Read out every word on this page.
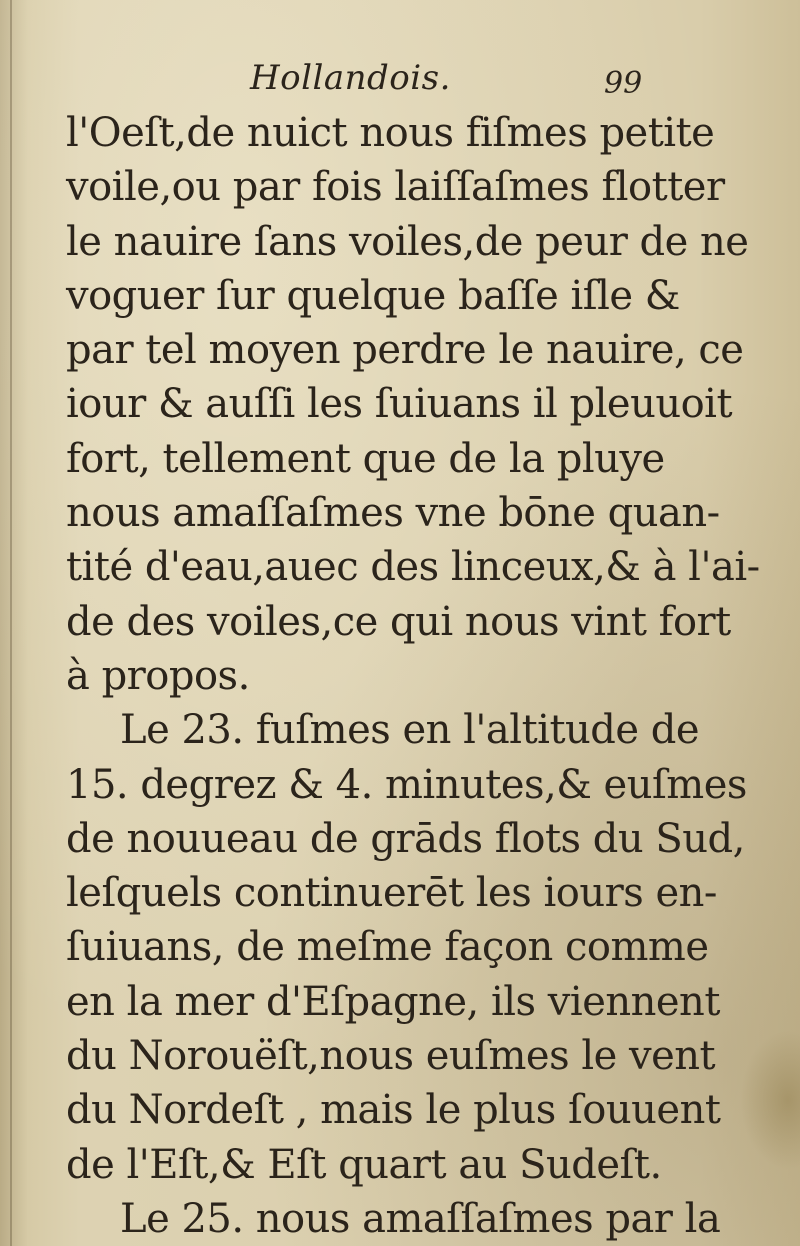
Hollandois.	99
l'Oeſt,de nuict nous fiſmes petite
voile,ou par fois laiſſaſmes flotter
le nauire ſans voiles,de peur de ne
voguer ſur quelque baſſe iſle &
par tel moyen perdre le nauire, ce
iour & auſſi les ſuiuans il pleuuoit
fort, tellement que de la pluye
nous amaſſaſmes vne bōne quan-
tité d'eau,auec des linceux,& à l'ai-
de des voiles,ce qui nous vint fort
à propos.
Le 23. fuſmes en l'altitude de
15. degrez & 4. minutes,& euſmes
de nouueau de grāds flots du Sud,
leſquels continuerēt les iours en-
ſuiuans, de meſme façon comme
en la mer d'Eſpagne, ils viennent
du Norouëſt,nous euſmes le vent
du Nordeſt , mais le plus ſouuent
de l'Eſt,& Eſt quart au Sudeſt.
Le 25. nous amaſſaſmes par la
